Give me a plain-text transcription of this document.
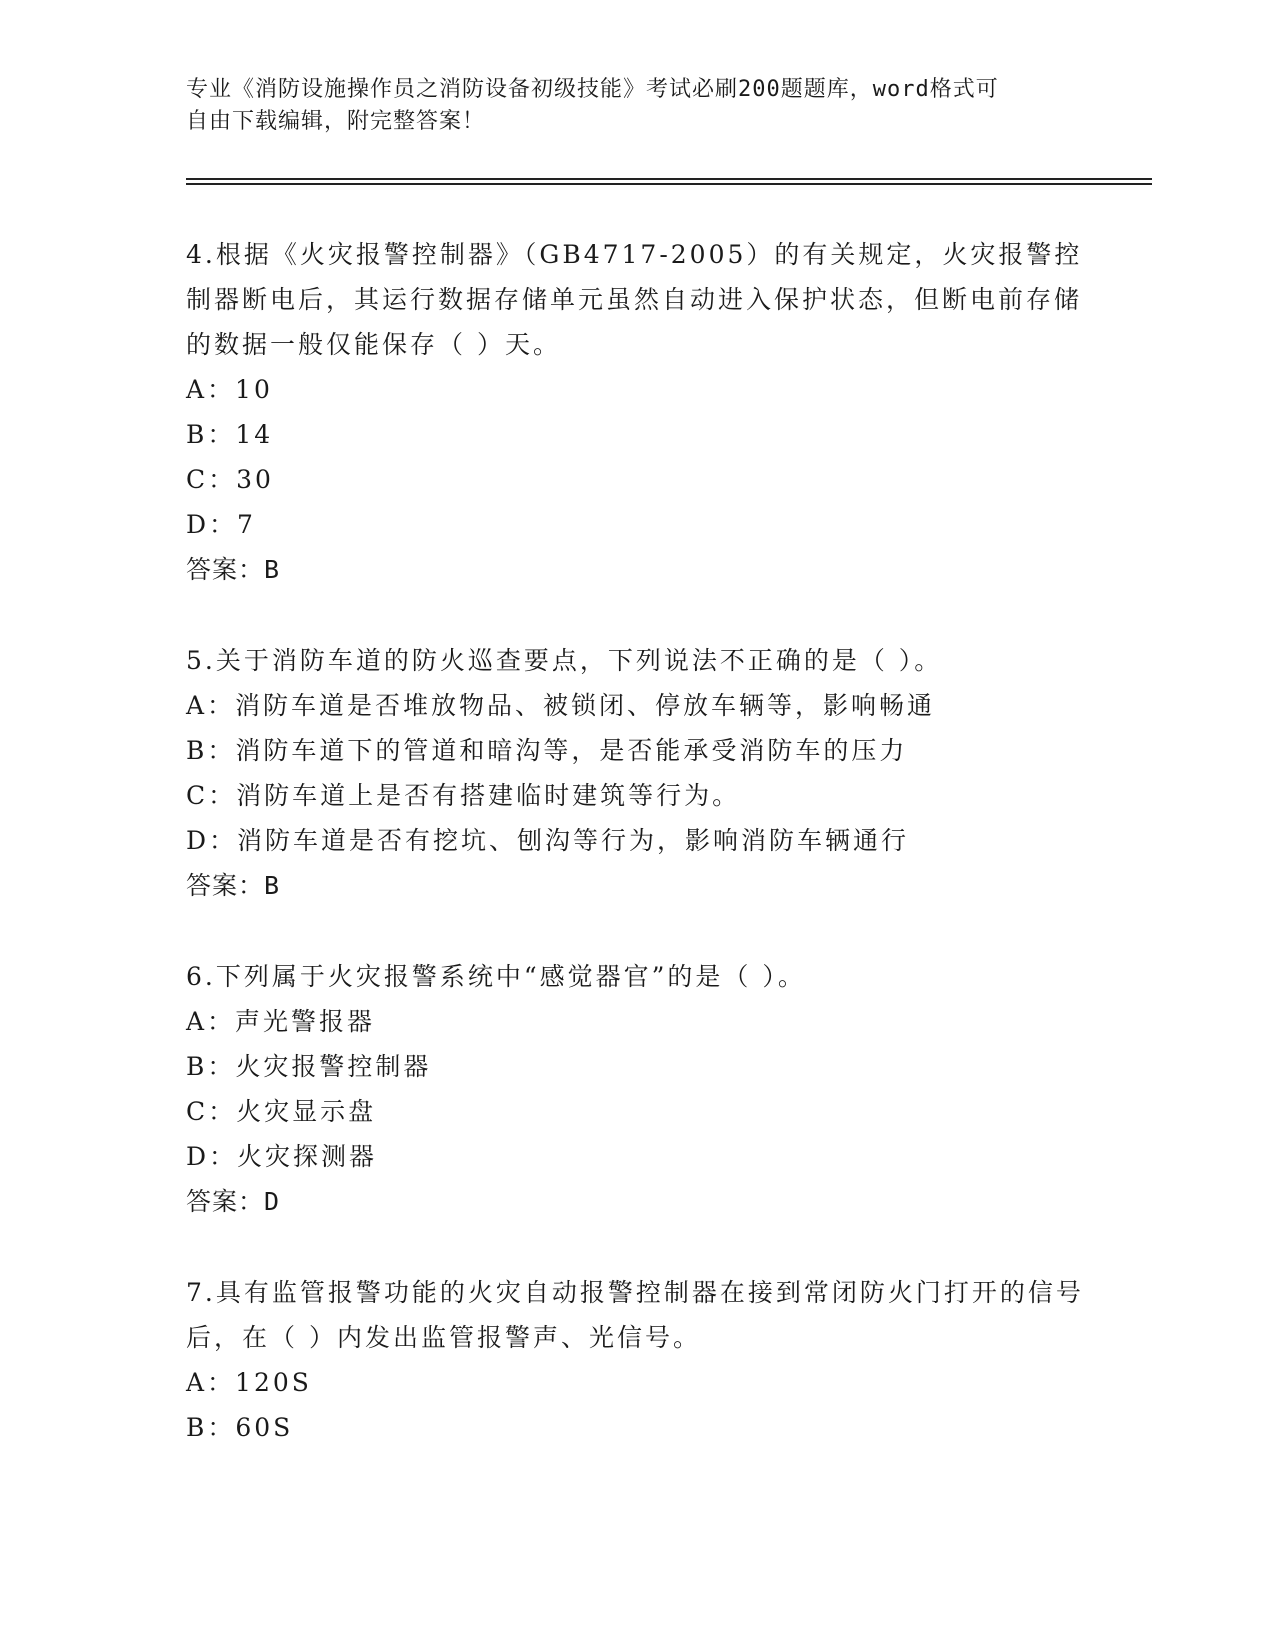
专业《消防设施操作员之消防设备初级技能》考试必刷200题题库，word格式可
自由下载编辑，附完整答案！
4.根据《火灾报警控制器》（GB4717-2005）的有关规定，火灾报警控制器断电后，其运行数据存储单元虽然自动进入保护状态，但断电前存储的数据一般仅能保存（ ）天。
A：10
B：14
C：30
D：7
答案：B
5.关于消防车道的防火巡查要点，下列说法不正确的是（ ）。
A：消防车道是否堆放物品、被锁闭、停放车辆等，影响畅通
B：消防车道下的管道和暗沟等，是否能承受消防车的压力
C：消防车道上是否有搭建临时建筑等行为。
D：消防车道是否有挖坑、刨沟等行为，影响消防车辆通行
答案：B
6.下列属于火灾报警系统中“感觉器官”的是（ ）。
A：声光警报器
B：火灾报警控制器
C：火灾显示盘
D：火灾探测器
答案：D
7.具有监管报警功能的火灾自动报警控制器在接到常闭防火门打开的信号后，在（ ）内发出监管报警声、光信号。
A：120S
B：60S
